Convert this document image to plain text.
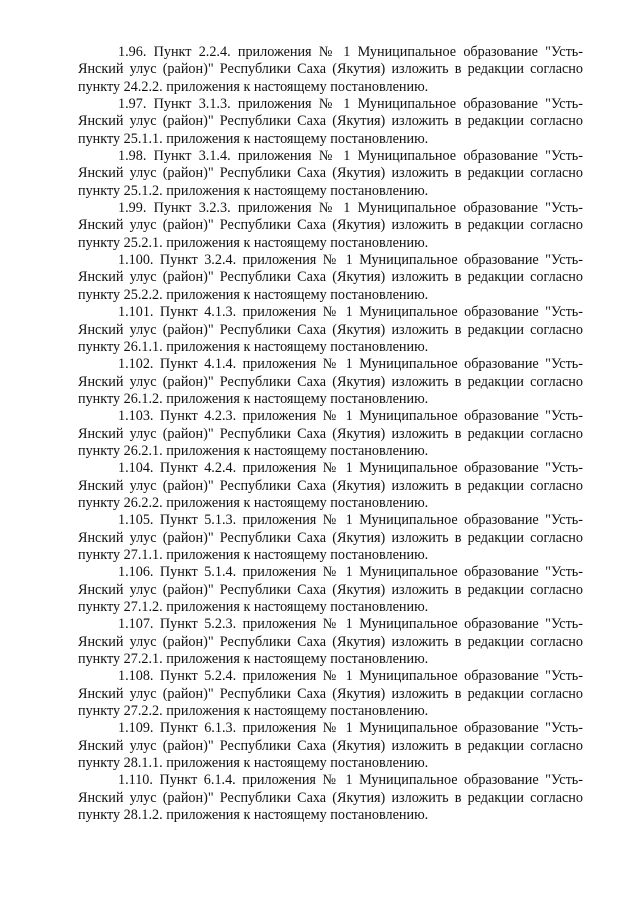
1.96. Пункт 2.2.4. приложения № 1 Муниципальное образование "Усть-Янский улус (район)" Республики Саха (Якутия) изложить в редакции согласно пункту 24.2.2. приложения к настоящему постановлению.

1.97. Пункт 3.1.3. приложения № 1 Муниципальное образование "Усть-Янский улус (район)" Республики Саха (Якутия) изложить в редакции согласно пункту 25.1.1. приложения к настоящему постановлению.

1.98. Пункт 3.1.4. приложения № 1 Муниципальное образование "Усть-Янский улус (район)" Республики Саха (Якутия) изложить в редакции согласно пункту 25.1.2. приложения к настоящему постановлению.

1.99. Пункт 3.2.3. приложения № 1 Муниципальное образование "Усть-Янский улус (район)" Республики Саха (Якутия) изложить в редакции согласно пункту 25.2.1. приложения к настоящему постановлению.

1.100. Пункт 3.2.4. приложения № 1 Муниципальное образование "Усть-Янский улус (район)" Республики Саха (Якутия) изложить в редакции согласно пункту 25.2.2. приложения к настоящему постановлению.

1.101. Пункт 4.1.3. приложения № 1 Муниципальное образование "Усть-Янский улус (район)" Республики Саха (Якутия) изложить в редакции согласно пункту 26.1.1. приложения к настоящему постановлению.

1.102. Пункт 4.1.4. приложения № 1 Муниципальное образование "Усть-Янский улус (район)" Республики Саха (Якутия) изложить в редакции согласно пункту 26.1.2. приложения к настоящему постановлению.

1.103. Пункт 4.2.3. приложения № 1 Муниципальное образование "Усть-Янский улус (район)" Республики Саха (Якутия) изложить в редакции согласно пункту 26.2.1. приложения к настоящему постановлению.

1.104. Пункт 4.2.4. приложения № 1 Муниципальное образование "Усть-Янский улус (район)" Республики Саха (Якутия) изложить в редакции согласно пункту 26.2.2. приложения к настоящему постановлению.

1.105. Пункт 5.1.3. приложения № 1 Муниципальное образование "Усть-Янский улус (район)" Республики Саха (Якутия) изложить в редакции согласно пункту 27.1.1. приложения к настоящему постановлению.

1.106. Пункт 5.1.4. приложения № 1 Муниципальное образование "Усть-Янский улус (район)" Республики Саха (Якутия) изложить в редакции согласно пункту 27.1.2. приложения к настоящему постановлению.

1.107. Пункт 5.2.3. приложения № 1 Муниципальное образование "Усть-Янский улус (район)" Республики Саха (Якутия) изложить в редакции согласно пункту 27.2.1. приложения к настоящему постановлению.

1.108. Пункт 5.2.4. приложения № 1 Муниципальное образование "Усть-Янский улус (район)" Республики Саха (Якутия) изложить в редакции согласно пункту 27.2.2. приложения к настоящему постановлению.

1.109. Пункт 6.1.3. приложения № 1 Муниципальное образование "Усть-Янский улус (район)" Республики Саха (Якутия) изложить в редакции согласно пункту 28.1.1. приложения к настоящему постановлению.

1.110. Пункт 6.1.4. приложения № 1 Муниципальное образование "Усть-Янский улус (район)" Республики Саха (Якутия) изложить в редакции согласно пункту 28.1.2. приложения к настоящему постановлению.
